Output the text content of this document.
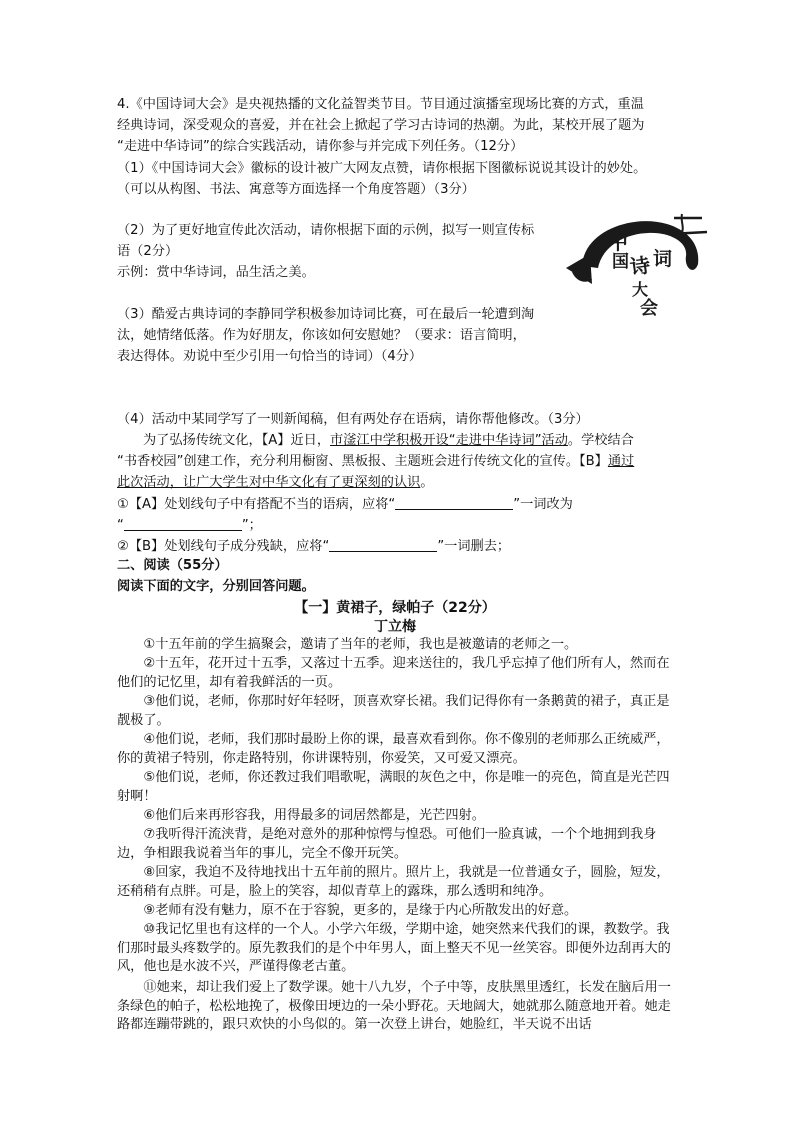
4.《中国诗词大会》是央视热播的文化益智类节目。节目通过演播室现场比赛的方式，重温
经典诗词，深受观众的喜爱，并在社会上掀起了学习古诗词的热潮。为此，某校开展了题为
“走进中华诗词”的综合实践活动，请你参与并完成下列任务。（12分）
（1）《中国诗词大会》徽标的设计被广大网友点赞，请你根据下图徽标说说其设计的妙处。
（可以从构图、书法、寓意等方面选择一个角度答题）（3分）
（2）为了更好地宣传此次活动，请你根据下面的示例，拟写一则宣传标
语（2分）
示例：赏中华诗词，品生活之美。
（3）酷爱古典诗词的李静同学积极参加诗词比赛，可在最后一轮遭到淘
汰，她情绪低落。作为好朋友，你该如何安慰她？（要求：语言简明，
表达得体。劝说中至少引用一句恰当的诗词）（4分）
中
国 诗 词
大
会
（4）活动中某同学写了一则新闻稿，但有两处存在语病，请你帮他修改。（3分）
为了弘扬传统文化，【A】近日，市滏江中学积极开设“走进中华诗词”活动。学校结合
“书香校园”创建工作，充分利用橱窗、黑板报、主题班会进行传统文化的宣传。【B】通过
此次活动，让广大学生对中华文化有了更深刻的认识。
①【A】处划线句子中有搭配不当的语病，应将“	”一词改为
“	”；
②【B】处划线句子成分残缺，应将“	”一词删去；
二、阅读（55分）
阅读下面的文字，分别回答问题。
【一】黄裙子，绿帕子（22分）
丁立梅
①十五年前的学生搞聚会，邀请了当年的老师，我也是被邀请的老师之一。
②十五年，花开过十五季，又落过十五季。迎来送往的，我几乎忘掉了他们所有人，然而在他们的记忆里，却有着我鲜活的一页。
③他们说，老师，你那时好年轻呀，顶喜欢穿长裙。我们记得你有一条鹅黄的裙子，真正是靓极了。
④他们说，老师，我们那时最盼上你的课，最喜欢看到你。你不像别的老师那么正统威严，你的黄裙子特别，你走路特别，你讲课特别，你爱笑，又可爱又漂亮。
⑤他们说，老师，你还教过我们唱歌呢，满眼的灰色之中，你是唯一的亮色，简直是光芒四射啊！
⑥他们后来再形容我，用得最多的词居然都是，光芒四射。
⑦我听得汗流浃背，是绝对意外的那种惊愕与惶恐。可他们一脸真诚，一个个地拥到我身边，争相跟我说着当年的事儿，完全不像开玩笑。
⑧回家，我迫不及待地找出十五年前的照片。照片上，我就是一位普通女子，圆脸，短发，还稍稍有点胖。可是，脸上的笑容，却似青草上的露珠，那么透明和纯净。
⑨老师有没有魅力，原不在于容貌，更多的，是缘于内心所散发出的好意。
⑩我记忆里也有这样的一个人。小学六年级，学期中途，她突然来代我们的课，教数学。我们那时最头疼数学的。原先教我们的是个中年男人，面上整天不见一丝笑容。即便外边刮再大的风，他也是水波不兴，严谨得像老古董。
⑪她来，却让我们爱上了数学课。她十八九岁，个子中等，皮肤黑里透红，长发在脑后用一条绿色的帕子，松松地挽了，极像田埂边的一朵小野花。天地阔大，她就那么随意地开着。她走路都连蹦带跳的，跟只欢快的小鸟似的。第一次登上讲台，她脸红，半天说不出话
